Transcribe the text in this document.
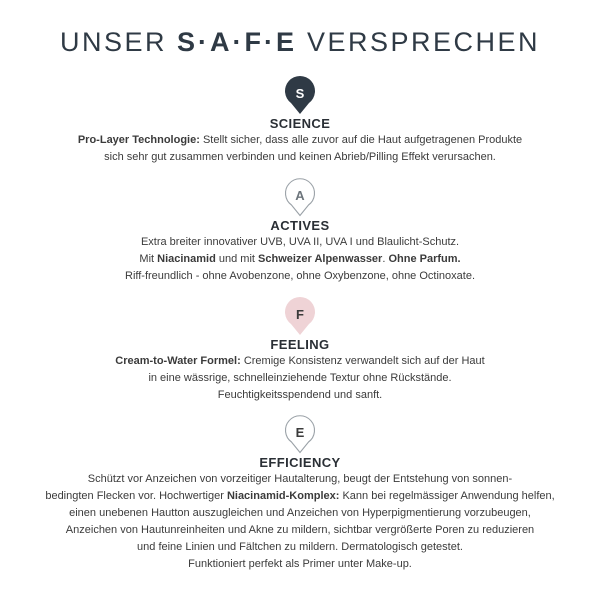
UNSER S·A·F·E VERSPRECHEN
S
SCIENCE

Pro-Layer Technologie: Stellt sicher, dass alle zuvor auf die Haut aufgetragenen Produkte

sich sehr gut zusammen verbinden und keinen Abrieb/Pilling Effekt verursachen.

A
ACTIVES

Extra breiter innovativer UVB, UVA II, UVA I und Blaulicht-Schutz.

Mit Niacinamid und mit Schweizer Alpenwasser. Ohne Parfum.

Riff-freundlich - ohne Avobenzone, ohne Oxybenzone, ohne Octinoxate.

F
FEELING

Cream-to-Water Formel: Cremige Konsistenz verwandelt sich auf der Haut

in eine wässrige, schnelleinziehende Textur ohne Rückstände.

Feuchtigkeitsspendend und sanft.

E
EFFICIENCY

Schützt vor Anzeichen von vorzeitiger Hautalterung, beugt der Entstehung von sonnen-

bedingten Flecken vor. Hochwertiger Niacinamid-Komplex: Kann bei regelmässiger Anwendung helfen,

einen unebenen Hautton auszugleichen und Anzeichen von Hyperpigmentierung vorzubeugen,

Anzeichen von Hautunreinheiten und Akne zu mildern, sichtbar vergrößerte Poren zu reduzieren

und feine Linien und Fältchen zu mildern. Dermatologisch getestet.

Funktioniert perfekt als Primer unter Make-up.
